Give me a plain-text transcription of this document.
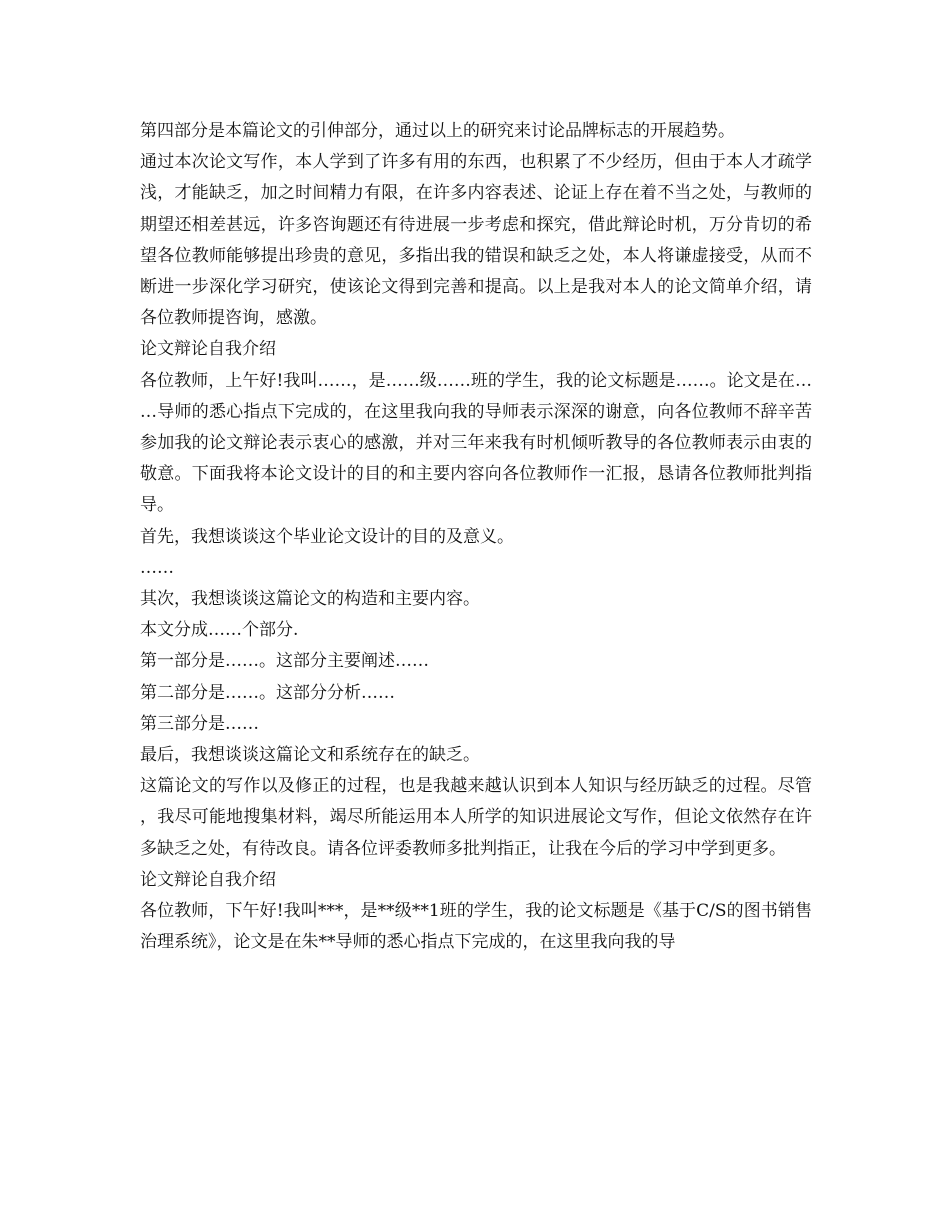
第四部分是本篇论文的引伸部分，通过以上的研究来讨论品牌标志的开展趋势。

通过本次论文写作，本人学到了许多有用的东西，也积累了不少经历，但由于本人才疏学浅，才能缺乏，加之时间精力有限，在许多内容表述、论证上存在着不当之处，与教师的期望还相差甚远，许多咨询题还有待进展一步考虑和探究，借此辩论时机，万分肯切的希望各位教师能够提出珍贵的意见，多指出我的错误和缺乏之处，本人将谦虚接受，从而不断进一步深化学习研究，使该论文得到完善和提高。以上是我对本人的论文简单介绍，请各位教师提咨询，感激。

论文辩论自我介绍

各位教师，上午好!我叫……，是……级……班的学生，我的论文标题是……。论文是在……导师的悉心指点下完成的，在这里我向我的导师表示深深的谢意，向各位教师不辞辛苦参加我的论文辩论表示衷心的感激，并对三年来我有时机倾听教导的各位教师表示由衷的敬意。下面我将本论文设计的目的和主要内容向各位教师作一汇报，恳请各位教师批判指导。

首先，我想谈谈这个毕业论文设计的目的及意义。

……

其次，我想谈谈这篇论文的构造和主要内容。

本文分成……个部分.

第一部分是……。这部分主要阐述……

第二部分是……。这部分分析……

第三部分是……

最后，我想谈谈这篇论文和系统存在的缺乏。

这篇论文的写作以及修正的过程，也是我越来越认识到本人知识与经历缺乏的过程。尽管，我尽可能地搜集材料，竭尽所能运用本人所学的知识进展论文写作，但论文依然存在许多缺乏之处，有待改良。请各位评委教师多批判指正，让我在今后的学习中学到更多。

论文辩论自我介绍

各位教师，下午好!我叫***，是**级**1班的学生，我的论文标题是《基于C/S的图书销售治理系统》，论文是在朱**导师的悉心指点下完成的，在这里我向我的导
